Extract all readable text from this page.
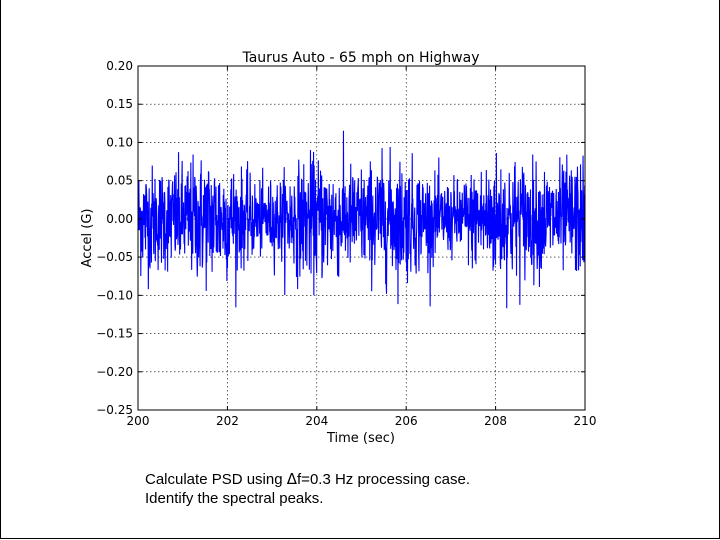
200	202	204	206	208	210
0.20
0.15
0.10
0.05
0.00
−0.05
−0.10
−0.15
−0.20
−0.25
Taurus Auto - 65 mph on Highway
Time (sec)
Accel (G)
Calculate PSD using Δf=0.3 Hz processing case.
Identify the spectral peaks.
